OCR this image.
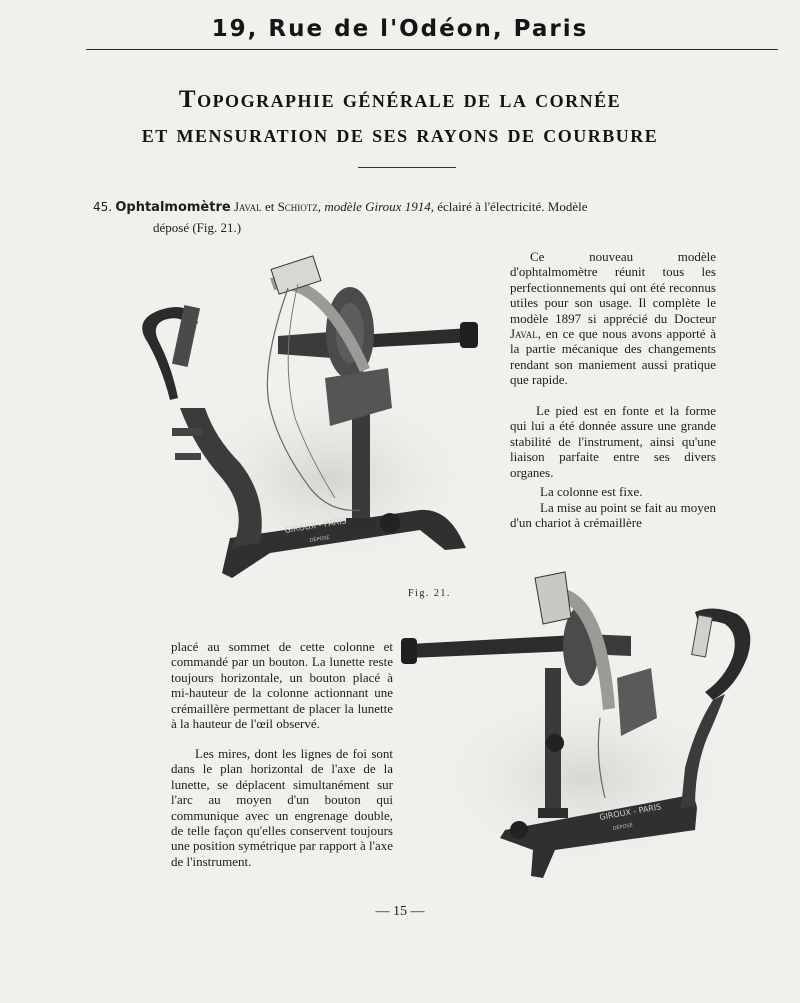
19, Rue de l'Odéon, Paris
Topographie générale de la cornée
et mensuration de ses rayons de courbure
45. Ophtalmomètre Javal et Schiotz, modèle Giroux 1914, éclairé à l'électricité. Modèle
déposé (Fig. 21.)
GIROUX - PARIS
DÉPOSÉ

Ce nouveau modèle d'ophtalmomètre réunit tous les perfectionnements qui ont été reconnus utiles pour son usage. Il complète le modèle 1897 si apprécié du Docteur Javal, en ce que nous avons apporté à la partie mécanique des changements rendant son maniement aussi pratique que rapide.

Le pied est en fonte et la forme qui lui a été donnée assure une grande stabilité de l'instrument, ainsi qu'une liaison parfaite entre ses divers organes.

La colonne est fixe.

La mise au point se fait au moyen d'un chariot à crémaillère

Fig. 21.
GIROUX - PARIS
DÉPOSÉ

placé au sommet de cette colonne et commandé par un bouton. La lunette reste toujours horizontale, un bouton placé à mi-hauteur de la colonne actionnant une crémaillère permettant de placer la lunette à la hauteur de l'œil observé.

Les mires, dont les lignes de foi sont dans le plan horizontal de l'axe de la lunette, se déplacent simultanément sur l'arc au moyen d'un bouton qui communique avec un engrenage double, de telle façon qu'elles conservent toujours une position symétrique par rapport à l'axe de l'instrument.

— 15 —
